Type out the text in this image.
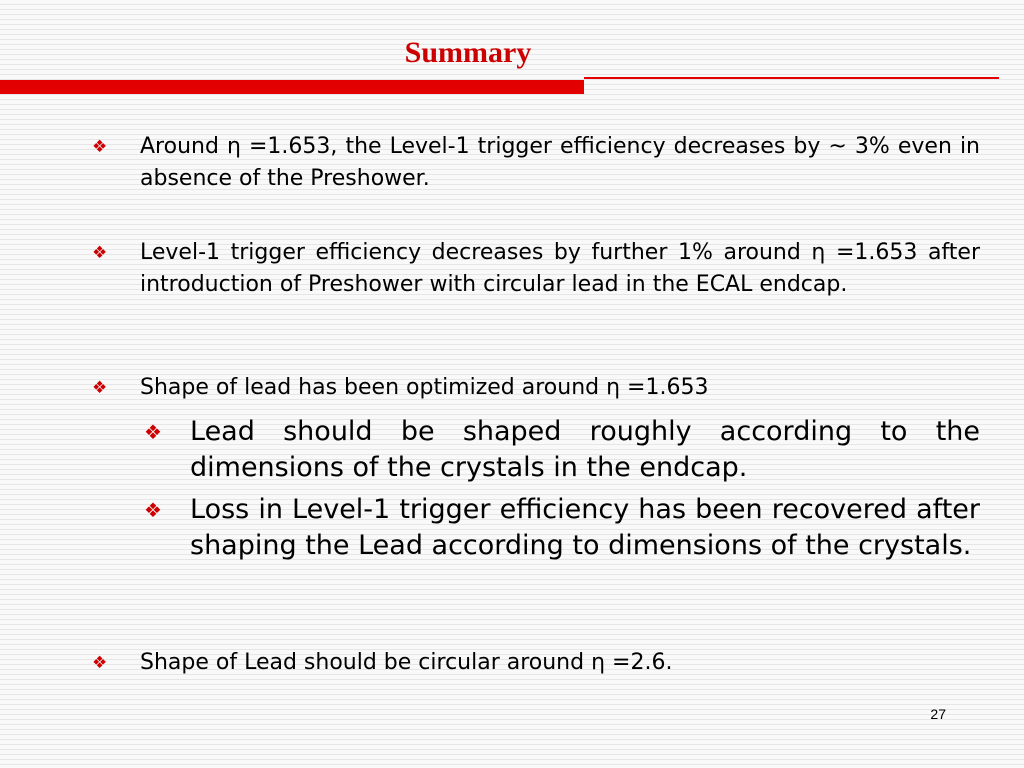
Summary
❖	Around η =1.653, the Level-1 trigger efficiency decreases by ~ 3% even in absence of the Preshower.
❖	Level-1 trigger efficiency decreases by further 1% around η =1.653 after introduction of Preshower with circular lead in the ECAL endcap.
❖	Shape of lead has been optimized around η =1.653
❖	Lead should be shaped roughly according to the dimensions of the crystals in the endcap.
❖	Loss in Level-1 trigger efficiency has been recovered after shaping the Lead according to dimensions of the crystals.
❖	Shape of Lead should be circular around η =2.6.
27
